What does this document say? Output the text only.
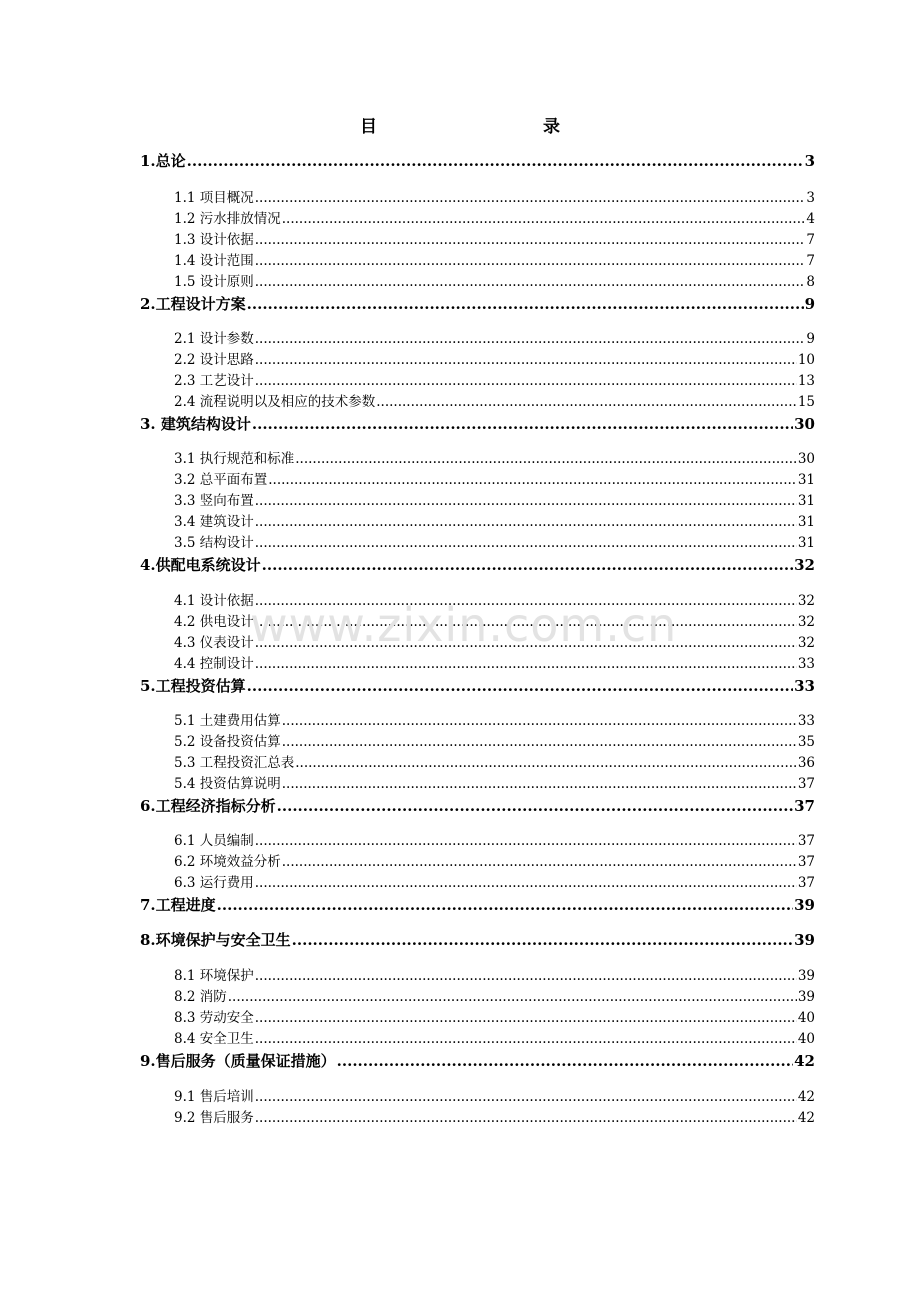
目　　录
1.总论 .....	3
1.1 项目概况 .....	3
1.2 污水排放情况 .....	4
1.3 设计依据 .....	7
1.4 设计范围 .....	7
1.5 设计原则 .....	8
2.工程设计方案 .....	9
2.1 设计参数 .....	9
2.2 设计思路 .....	10
2.3 工艺设计 .....	13
2.4 流程说明以及相应的技术参数 .....	15
3. 建筑结构设计 .....	30
3.1 执行规范和标准 .....	30
3.2 总平面布置 .....	31
3.3 竖向布置 .....	31
3.4 建筑设计 .....	31
3.5 结构设计 .....	31
4.供配电系统设计 .....	32
4.1 设计依据 .....	32
4.2 供电设计 .....	32
4.3 仪表设计 .....	32
4.4 控制设计 .....	33
5.工程投资估算 .....	33
5.1 土建费用估算 .....	33
5.2 设备投资估算 .....	35
5.3 工程投资汇总表 .....	36
5.4 投资估算说明 .....	37
6.工程经济指标分析 .....	37
6.1 人员编制 .....	37
6.2 环境效益分析 .....	37
6.3 运行费用 .....	37
7.工程进度 .....	39
8.环境保护与安全卫生 .....	39
8.1 环境保护 .....	39
8.2 消防 .....	39
8.3 劳动安全 .....	40
8.4 安全卫生 .....	40
9.售后服务（质量保证措施） .....	42
9.1 售后培训 .....	42
9.2 售后服务 .....	42
www.zixin.com.cn
